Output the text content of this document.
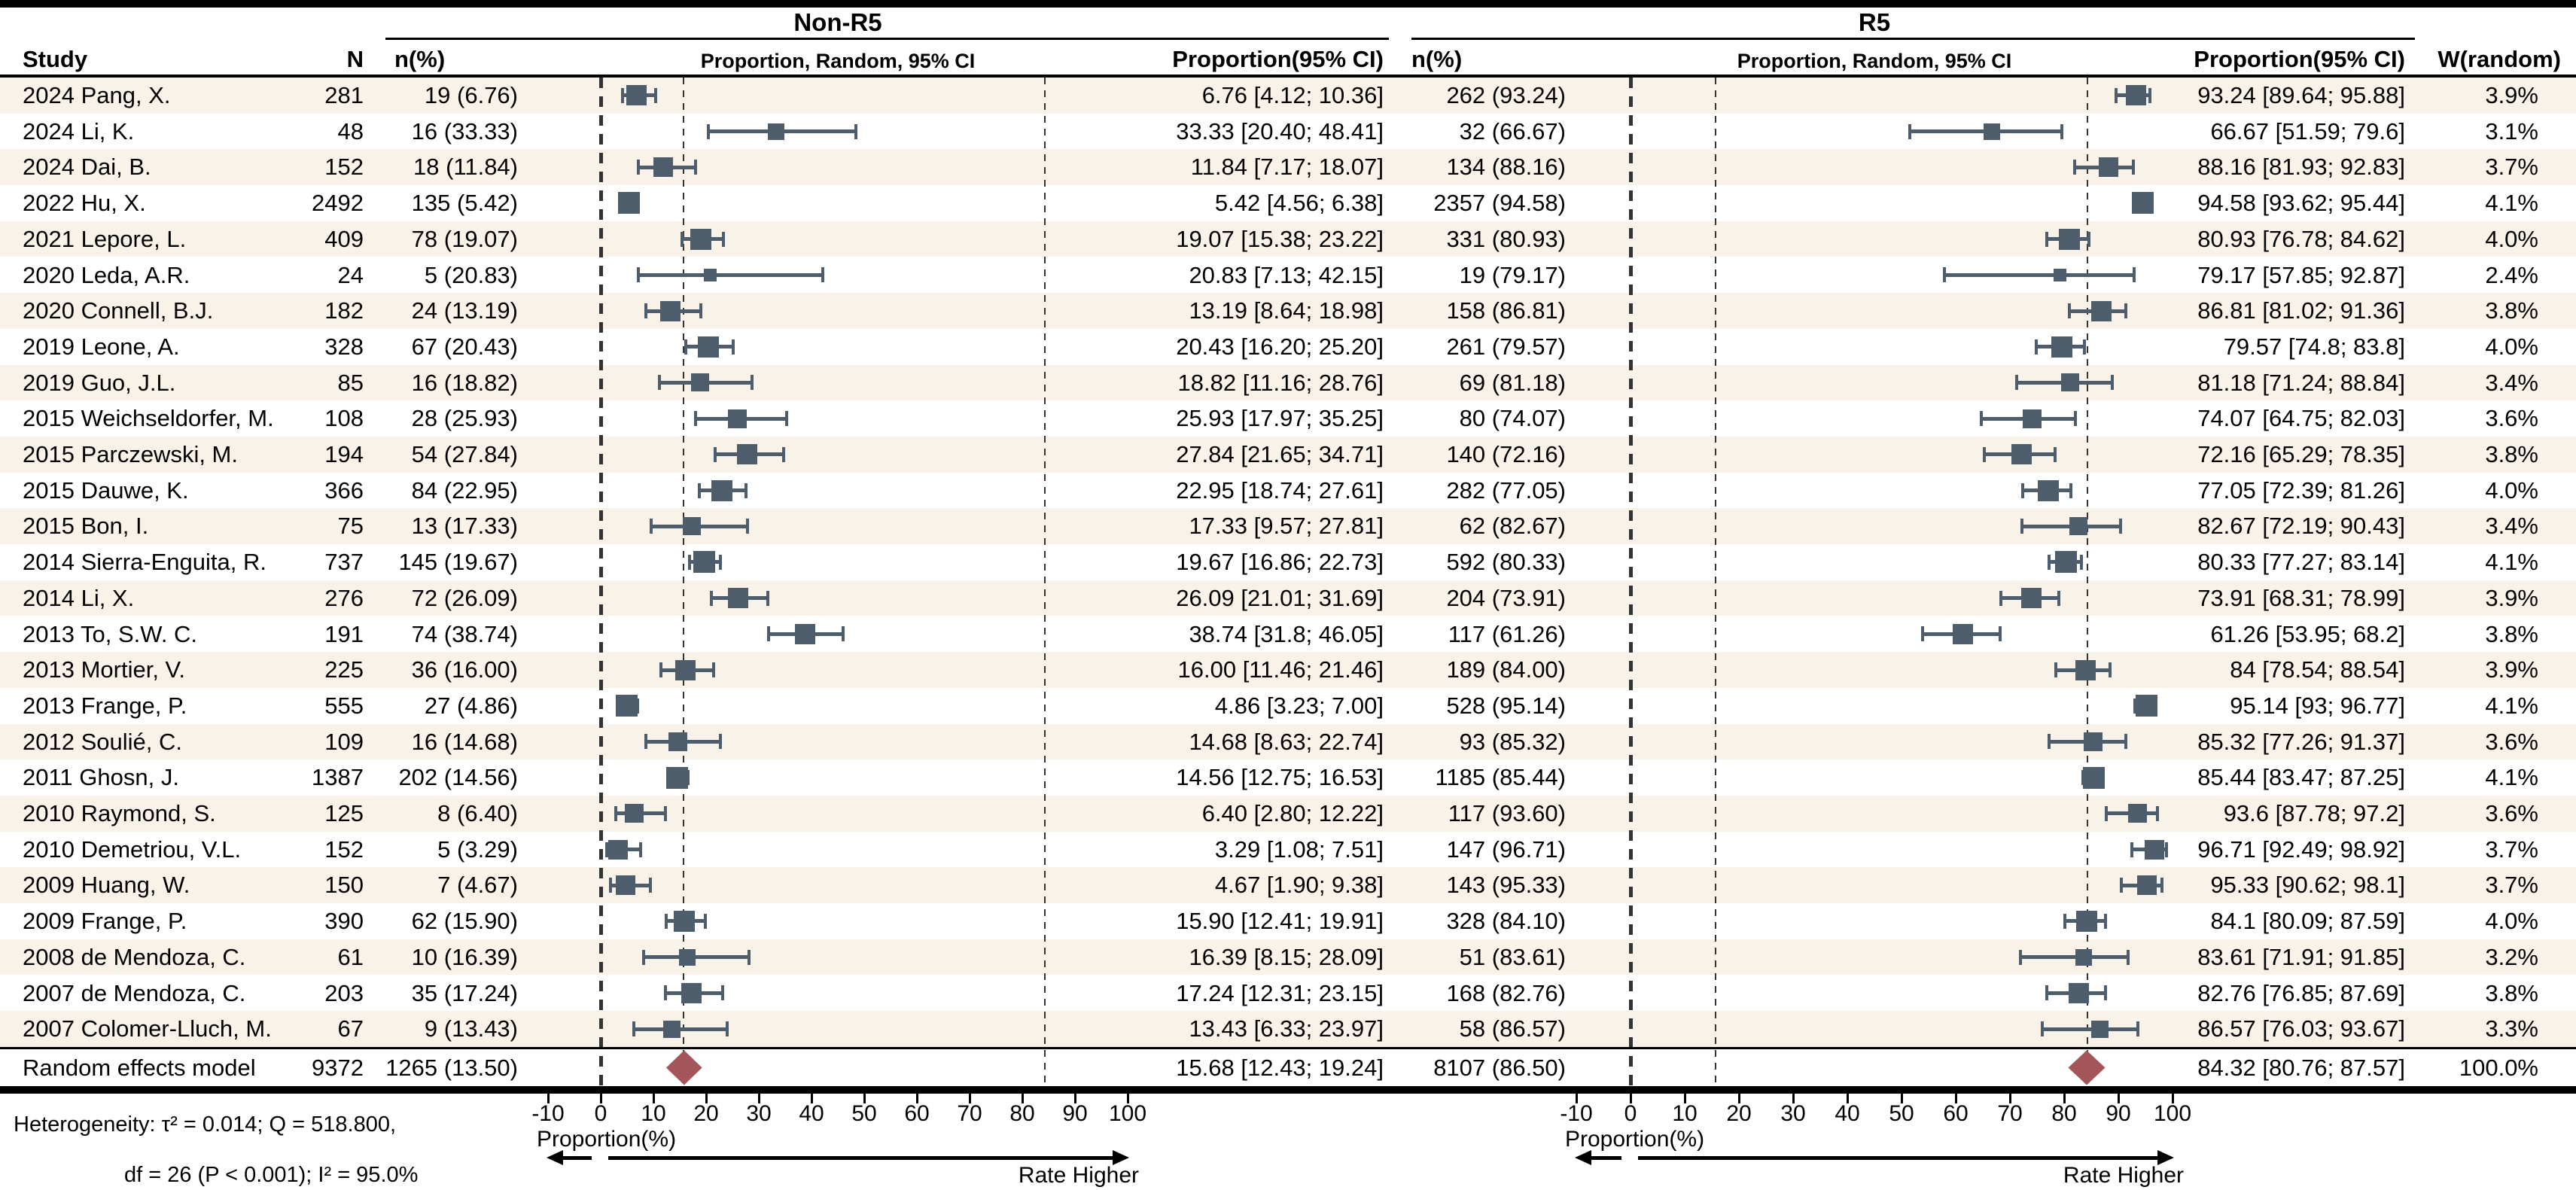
Non-R5	R5
Study	N n(%)	Proportion, Random, 95% CI	Proportion(95% CI) n(%)	Proportion, Random, 95% CI	Proportion(95% CI)	W(random)
Proportion(%)
Rate Higher
Proportion(%)
Rate Higher
Heterogeneity: τ² = 0.014; Q = 518.800,
df = 26 (P < 0.001); I² = 95.0%
2024 Pang, X.	281	19 (6.76)	6.76 [4.12; 10.36]	262 (93.24)	93.24 [89.64; 95.88]	3.9%
2024 Li, K.	48	16 (33.33)	33.33 [20.40; 48.41]	32 (66.67)	66.67 [51.59; 79.6]	3.1%
2024 Dai, B.	152	18 (11.84)	11.84 [7.17; 18.07]	134 (88.16)	88.16 [81.93; 92.83]	3.7%
2022 Hu, X.	2492	135 (5.42)	5.42 [4.56; 6.38]	2357 (94.58)	94.58 [93.62; 95.44]	4.1%
2021 Lepore, L.	409	78 (19.07)	19.07 [15.38; 23.22]	331 (80.93)	80.93 [76.78; 84.62]	4.0%
2020 Leda, A.R.	24	5 (20.83)	20.83 [7.13; 42.15]	19 (79.17)	79.17 [57.85; 92.87]	2.4%
2020 Connell, B.J.	182	24 (13.19)	13.19 [8.64; 18.98]	158 (86.81)	86.81 [81.02; 91.36]	3.8%
2019 Leone, A.	328	67 (20.43)	20.43 [16.20; 25.20]	261 (79.57)	79.57 [74.8; 83.8]	4.0%
2019 Guo, J.L.	85	16 (18.82)	18.82 [11.16; 28.76]	69 (81.18)	81.18 [71.24; 88.84]	3.4%
2015 Weichseldorfer, M.	108	28 (25.93)	25.93 [17.97; 35.25]	80 (74.07)	74.07 [64.75; 82.03]	3.6%
2015 Parczewski, M.	194	54 (27.84)	27.84 [21.65; 34.71]	140 (72.16)	72.16 [65.29; 78.35]	3.8%
2015 Dauwe, K.	366	84 (22.95)	22.95 [18.74; 27.61]	282 (77.05)	77.05 [72.39; 81.26]	4.0%
2015 Bon, I.	75	13 (17.33)	17.33 [9.57; 27.81]	62 (82.67)	82.67 [72.19; 90.43]	3.4%
2014 Sierra-Enguita, R.	737	145 (19.67)	19.67 [16.86; 22.73]	592 (80.33)	80.33 [77.27; 83.14]	4.1%
2014 Li, X.	276	72 (26.09)	26.09 [21.01; 31.69]	204 (73.91)	73.91 [68.31; 78.99]	3.9%
2013 To, S.W. C.	191	74 (38.74)	38.74 [31.8; 46.05]	117 (61.26)	61.26 [53.95; 68.2]	3.8%
2013 Mortier, V.	225	36 (16.00)	16.00 [11.46; 21.46]	189 (84.00)	84 [78.54; 88.54]	3.9%
2013 Frange, P.	555	27 (4.86)	4.86 [3.23; 7.00]	528 (95.14)	95.14 [93; 96.77]	4.1%
2012 Soulié, C.	109	16 (14.68)	14.68 [8.63; 22.74]	93 (85.32)	85.32 [77.26; 91.37]	3.6%
2011 Ghosn, J.	1387	202 (14.56)	14.56 [12.75; 16.53]	1185 (85.44)	85.44 [83.47; 87.25]	4.1%
2010 Raymond, S.	125	8 (6.40)	6.40 [2.80; 12.22]	117 (93.60)	93.6 [87.78; 97.2]	3.6%
2010 Demetriou, V.L.	152	5 (3.29)	3.29 [1.08; 7.51]	147 (96.71)	96.71 [92.49; 98.92]	3.7%
2009 Huang, W.	150	7 (4.67)	4.67 [1.90; 9.38]	143 (95.33)	95.33 [90.62; 98.1]	3.7%
2009 Frange, P.	390	62 (15.90)	15.90 [12.41; 19.91]	328 (84.10)	84.1 [80.09; 87.59]	4.0%
2008 de Mendoza, C.	61	10 (16.39)	16.39 [8.15; 28.09]	51 (83.61)	83.61 [71.91; 91.85]	3.2%
2007 de Mendoza, C.	203	35 (17.24)	17.24 [12.31; 23.15]	168 (82.76)	82.76 [76.85; 87.69]	3.8%
2007 Colomer-Lluch, M.	67	9 (13.43)	13.43 [6.33; 23.97]	58 (86.57)	86.57 [76.03; 93.67]	3.3%
Random effects model	9372 1265 (13.50)	15.68 [12.43; 19.24]	8107 (86.50)	84.32 [80.76; 87.57]	100.0%
-10	0	10	20	30	40	50	60	70	80	90 100	-10	0	10	20	30	40	50	60	70	80	90	100
